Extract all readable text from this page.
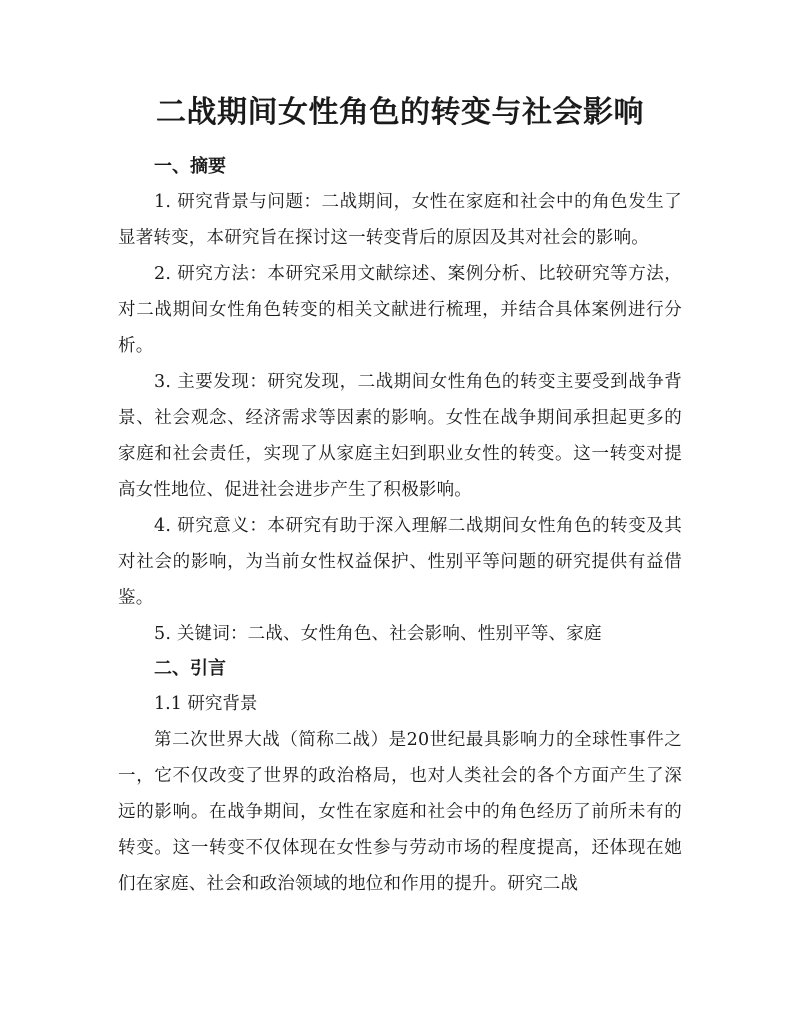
二战期间女性角色的转变与社会影响
一、摘要

1. 研究背景与问题：二战期间，女性在家庭和社会中的角色发生了显著转变，本研究旨在探讨这一转变背后的原因及其对社会的影响。

2. 研究方法：本研究采用文献综述、案例分析、比较研究等方法，对二战期间女性角色转变的相关文献进行梳理，并结合具体案例进行分析。

3. 主要发现：研究发现，二战期间女性角色的转变主要受到战争背景、社会观念、经济需求等因素的影响。女性在战争期间承担起更多的家庭和社会责任，实现了从家庭主妇到职业女性的转变。这一转变对提高女性地位、促进社会进步产生了积极影响。

4. 研究意义：本研究有助于深入理解二战期间女性角色的转变及其对社会的影响，为当前女性权益保护、性别平等问题的研究提供有益借鉴。

5. 关键词：二战、女性角色、社会影响、性别平等、家庭

二、引言

1.1 研究背景

第二次世界大战（简称二战）是20世纪最具影响力的全球性事件之一，它不仅改变了世界的政治格局，也对人类社会的各个方面产生了深远的影响。在战争期间，女性在家庭和社会中的角色经历了前所未有的转变。这一转变不仅体现在女性参与劳动市场的程度提高，还体现在她们在家庭、社会和政治领域的地位和作用的提升。研究二战
